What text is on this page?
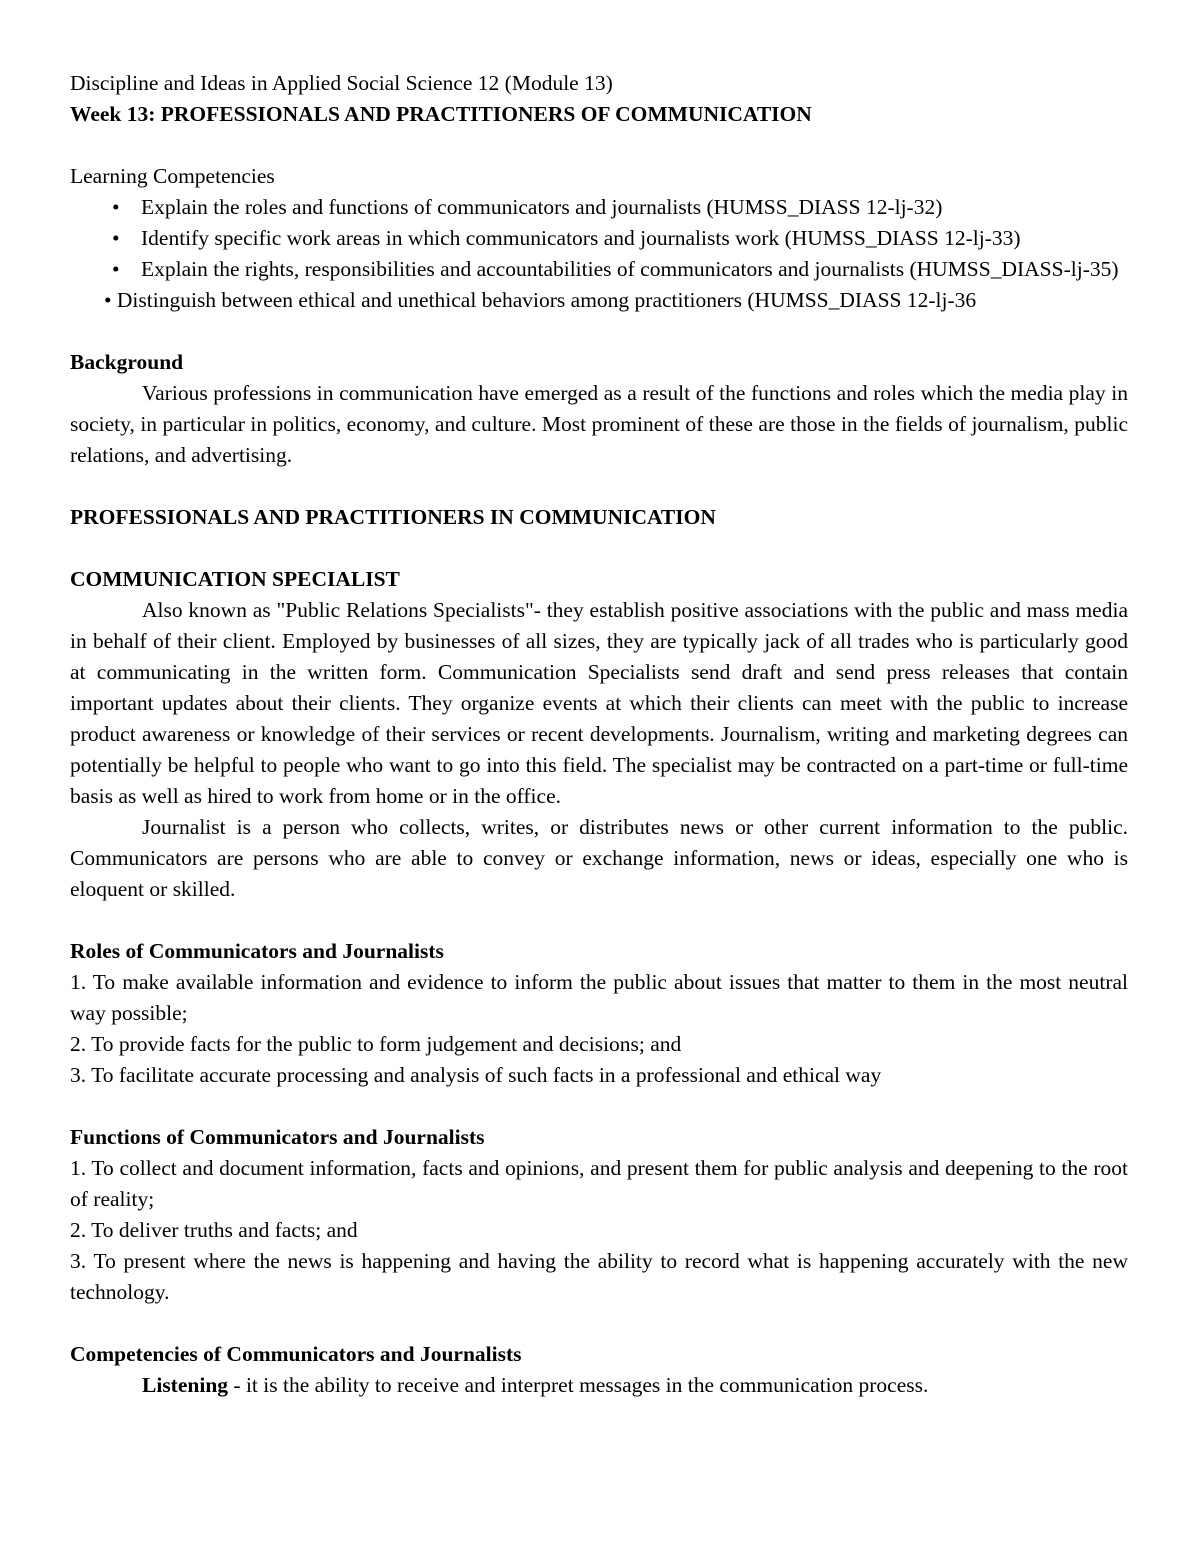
Discipline and Ideas in Applied Social Science 12 (Module 13)

Week 13: PROFESSIONALS AND PRACTITIONERS OF COMMUNICATION

Learning Competencies

• Explain the roles and functions of communicators and journalists (HUMSS_DIASS 12-lj-32)
• Identify specific work areas in which communicators and journalists work (HUMSS_DIASS 12-lj-33)
• Explain the rights, responsibilities and accountabilities of communicators and journalists (HUMSS_DIASS-lj-35)

• Distinguish between ethical and unethical behaviors among practitioners (HUMSS_DIASS 12-lj-36

Background

Various professions in communication have emerged as a result of the functions and roles which the media play in society, in particular in politics, economy, and culture. Most prominent of these are those in the fields of journalism, public relations, and advertising.

PROFESSIONALS AND PRACTITIONERS IN COMMUNICATION

COMMUNICATION SPECIALIST

Also known as "Public Relations Specialists"- they establish positive associations with the public and mass media in behalf of their client. Employed by businesses of all sizes, they are typically jack of all trades who is particularly good at communicating in the written form. Communication Specialists send draft and send press releases that contain important updates about their clients. They organize events at which their clients can meet with the public to increase product awareness or knowledge of their services or recent developments. Journalism, writing and marketing degrees can potentially be helpful to people who want to go into this field. The specialist may be contracted on a part-time or full-time basis as well as hired to work from home or in the office.

Journalist is a person who collects, writes, or distributes news or other current information to the public. Communicators are persons who are able to convey or exchange information, news or ideas, especially one who is eloquent or skilled.

Roles of Communicators and Journalists

1. To make available information and evidence to inform the public about issues that matter to them in the most neutral way possible;

2. To provide facts for the public to form judgement and decisions; and

3. To facilitate accurate processing and analysis of such facts in a professional and ethical way

Functions of Communicators and Journalists

1. To collect and document information, facts and opinions, and present them for public analysis and deepening to the root of reality;

2. To deliver truths and facts; and

3. To present where the news is happening and having the ability to record what is happening accurately with the new technology.

Competencies of Communicators and Journalists

Listening - it is the ability to receive and interpret messages in the communication process.
